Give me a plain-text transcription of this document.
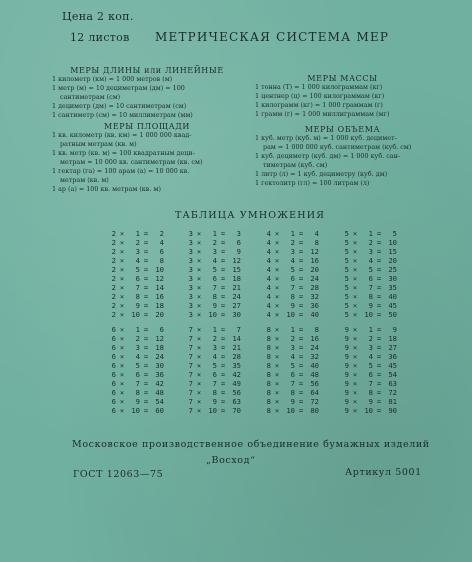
Цена 2 коп.
12 листов МЕТРИЧЕСКАЯ СИСТЕМА МЕР
МЕРЫ ДЛИНЫ или ЛИНЕЙНЫЕ
1 километр (км) = 1 000 метров (м)
1 метр (м) = 10 дециметрам (дм) = 100
сантиметрам (см)
1 дециметр (дм) = 10 сантиметрам (см)
1 сантиметр (см) = 10 миллиметрам (мм)
МЕРЫ ПЛОЩАДИ
1 кв. километр (кв. км) = 1 000 000 квад-
ратным метрам (кв. м)
1 кв. метр (кв. м) = 100 квадратным деци-
метрам = 10 000 кв. сантиметрам (кв. см)
1 гектар (га) = 100 арам (а) = 10 000 кв.
метрам (кв. м)
1 ар (а) = 100 кв. метрам (кв. м)
МЕРЫ МАССЫ
1 тонна (Т) = 1 000 килограммам (кг)
1 центнер (ц) = 100 килограммам (кг)
1 килограмм (кг) = 1 000 граммам (г)
1 грамм (г) = 1 000 миллиграммам (мг)
МЕРЫ ОБЪЕМА
1 куб. метр (куб. м) = 1 000 куб. децимет-
рам = 1 000 000 куб. сантиметрам (куб. см)
1 куб. дециметр (куб. дм) = 1 000 куб. сан-
тиметрам (куб. см)
1 литр (л) = 1 куб. дециметру (куб. дм)
1 гектолитр (гл) = 100 литрам (л)
ТАБЛИЦА УМНОЖЕНИЯ
2 ×	1 =	2
2 ×	2 =	4
2 ×	3 =	6
2 ×	4 =	8
2 ×	5 = 10
2 ×	6 = 12
2 ×	7 = 14
2 ×	8 = 16
2 ×	9 = 18
2 × 10 = 20
3 ×	1 =	3
3 ×	2 =	6
3 ×	3 =	9
3 ×	4 = 12
3 ×	5 = 15
3 ×	6 = 18
3 ×	7 = 21
3 ×	8 = 24
3 ×	9 = 27
3 × 10 = 30
4 ×	1 =	4
4 ×	2 =	8
4 ×	3 = 12
4 ×	4 = 16
4 ×	5 = 20
4 ×	6 = 24
4 ×	7 = 28
4 ×	8 = 32
4 ×	9 = 36
4 × 10 = 40
5 ×	1 =	5
5 ×	2 = 10
5 ×	3 = 15
5 ×	4 = 20
5 ×	5 = 25
5 ×	6 = 30
5 ×	7 = 35
5 ×	8 = 40
5 ×	9 = 45
5 × 10 = 50
6 ×	1 =	6
6 ×	2 = 12
6 ×	3 = 18
6 ×	4 = 24
6 ×	5 = 30
6 ×	6 = 36
6 ×	7 = 42
6 ×	8 = 48
6 ×	9 = 54
6 × 10 = 60
7 ×	1 =	7
7 ×	2 = 14
7 ×	3 = 21
7 ×	4 = 28
7 ×	5 = 35
7 ×	6 = 42
7 ×	7 = 49
7 ×	8 = 56
7 ×	9 = 63
7 × 10 = 70
8 ×	1 =	8
8 ×	2 = 16
8 ×	3 = 24
8 ×	4 = 32
8 ×	5 = 40
8 ×	6 = 48
8 ×	7 = 56
8 ×	8 = 64
8 ×	9 = 72
8 × 10 = 80
9 ×	1 =	9
9 ×	2 = 18
9 ×	3 = 27
9 ×	4 = 36
9 ×	5 = 45
9 ×	6 = 54
9 ×	7 = 63
9 ×	8 = 72
9 ×	9 = 81
9 × 10 = 90
Московское производственное объединение бумажных изделий
„Восход“
ГОСТ 12063—75	Артикул 5001
